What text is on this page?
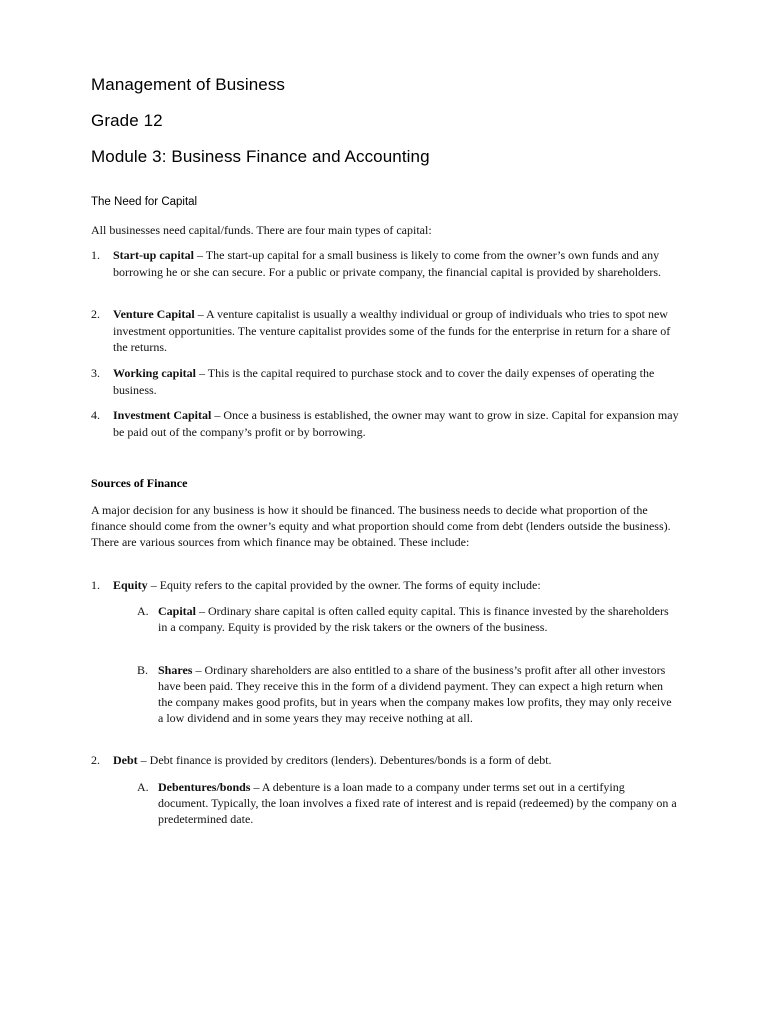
Management of Business
Grade 12
Module 3: Business Finance and Accounting
The Need for Capital

All businesses need capital/funds. There are four main types of capital:

1.	Start-up capital – The start-up capital for a small business is likely to come from the owner’s own funds and any borrowing he or she can secure. For a public or private company, the financial capital is provided by shareholders.
2.	Venture Capital – A venture capitalist is usually a wealthy individual or group of individuals who tries to spot new investment opportunities. The venture capitalist provides some of the funds for the enterprise in return for a share of the returns.
3.	Working capital – This is the capital required to purchase stock and to cover the daily expenses of operating the business.
4.	Investment Capital – Once a business is established, the owner may want to grow in size. Capital for expansion may be paid out of the company’s profit or by borrowing.
Sources of Finance

A major decision for any business is how it should be financed. The business needs to decide what proportion of the finance should come from the owner’s equity and what proportion should come from debt (lenders outside the business). There are various sources from which finance may be obtained. These include:

1.	Equity – Equity refers to the capital provided by the owner. The forms of equity include:
A. Capital – Ordinary share capital is often called equity capital. This is finance invested by the shareholders in a company. Equity is provided by the risk takers or the owners of the business.
B. Shares – Ordinary shareholders are also entitled to a share of the business’s profit after all other investors have been paid. They receive this in the form of a dividend payment. They can expect a high return when the company makes good profits, but in years when the company makes low profits, they may only receive a low dividend and in some years they may receive nothing at all.
2.	Debt – Debt finance is provided by creditors (lenders). Debentures/bonds is a form of debt.
A. Debentures/bonds – A debenture is a loan made to a company under terms set out in a certifying document. Typically, the loan involves a fixed rate of interest and is repaid (redeemed) by the company on a predetermined date.
